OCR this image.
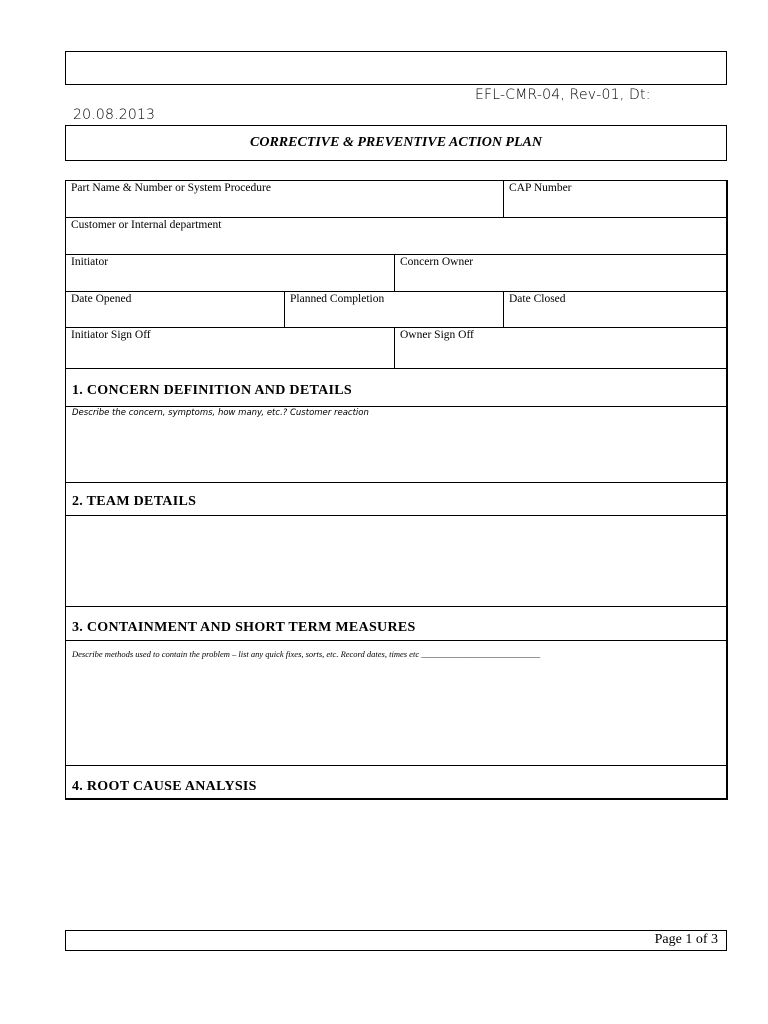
EFL-CMR-04, Rev-01, Dt:
20.08.2013
CORRECTIVE & PREVENTIVE ACTION PLAN
Part Name & Number or System Procedure	CAP Number
Customer or Internal department
Initiator	Concern Owner
Date Opened	Planned Completion	Date Closed
Initiator Sign Off	Owner Sign Off
1. CONCERN DEFINITION AND DETAILS
Describe the concern, symptoms, how many, etc.? Customer reaction
2. TEAM DETAILS
3. CONTAINMENT AND SHORT TERM MEASURES
Describe methods used to contain the problem – list any quick fixes, sorts, etc. Record dates, times etc ____________________________
4. ROOT CAUSE ANALYSIS
Page 1 of 3
